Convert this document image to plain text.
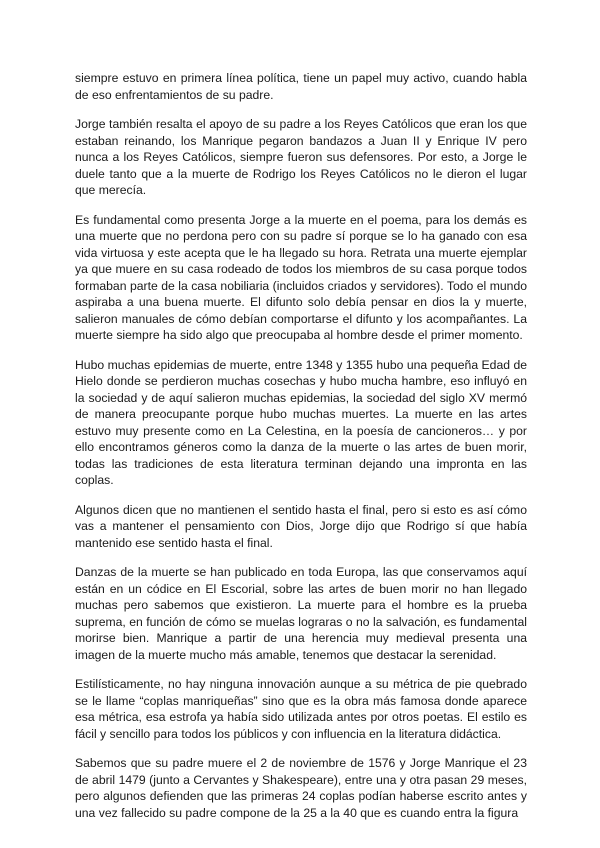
siempre estuvo en primera línea política, tiene un papel muy activo, cuando habla de eso enfrentamientos de su padre.

Jorge también resalta el apoyo de su padre a los Reyes Católicos que eran los que estaban reinando, los Manrique pegaron bandazos a Juan II y Enrique IV pero nunca a los Reyes Católicos, siempre fueron sus defensores. Por esto, a Jorge le duele tanto que a la muerte de Rodrigo los Reyes Católicos no le dieron el lugar que merecía.

Es fundamental como presenta Jorge a la muerte en el poema, para los demás es una muerte que no perdona pero con su padre sí porque se lo ha ganado con esa vida virtuosa y este acepta que le ha llegado su hora. Retrata una muerte ejemplar ya que muere en su casa rodeado de todos los miembros de su casa porque todos formaban parte de la casa nobiliaria (incluidos criados y servidores). Todo el mundo aspiraba a una buena muerte. El difunto solo debía pensar en dios la y muerte, salieron manuales de cómo debían comportarse el difunto y los acompañantes. La muerte siempre ha sido algo que preocupaba al hombre desde el primer momento.

Hubo muchas epidemias de muerte, entre 1348 y 1355 hubo una pequeña Edad de Hielo donde se perdieron muchas cosechas y hubo mucha hambre, eso influyó en la sociedad y de aquí salieron muchas epidemias, la sociedad del siglo XV mermó de manera preocupante porque hubo muchas muertes. La muerte en las artes estuvo muy presente como en La Celestina, en la poesía de cancioneros… y por ello encontramos géneros como la danza de la muerte o las artes de buen morir, todas las tradiciones de esta literatura terminan dejando una impronta en las coplas.

Algunos dicen que no mantienen el sentido hasta el final, pero si esto es así cómo vas a mantener el pensamiento con Dios, Jorge dijo que Rodrigo sí que había mantenido ese sentido hasta el final.

Danzas de la muerte se han publicado en toda Europa, las que conservamos aquí están en un códice en El Escorial, sobre las artes de buen morir no han llegado muchas pero sabemos que existieron. La muerte para el hombre es la prueba suprema, en función de cómo se muelas lograras o no la salvación, es fundamental morirse bien. Manrique a partir de una herencia muy medieval presenta una imagen de la muerte mucho más amable, tenemos que destacar la serenidad.

Estilísticamente, no hay ninguna innovación aunque a su métrica de pie quebrado se le llame “coplas manriqueñas” sino que es la obra más famosa donde aparece esa métrica, esa estrofa ya había sido utilizada antes por otros poetas. El estilo es fácil y sencillo para todos los públicos y con influencia en la literatura didáctica.

Sabemos que su padre muere el 2 de noviembre de 1576 y Jorge Manrique el 23 de abril 1479 (junto a Cervantes y Shakespeare), entre una y otra pasan 29 meses, pero algunos defienden que las primeras 24 coplas podían haberse escrito antes y una vez fallecido su padre compone de la 25 a la 40 que es cuando entra la figura
